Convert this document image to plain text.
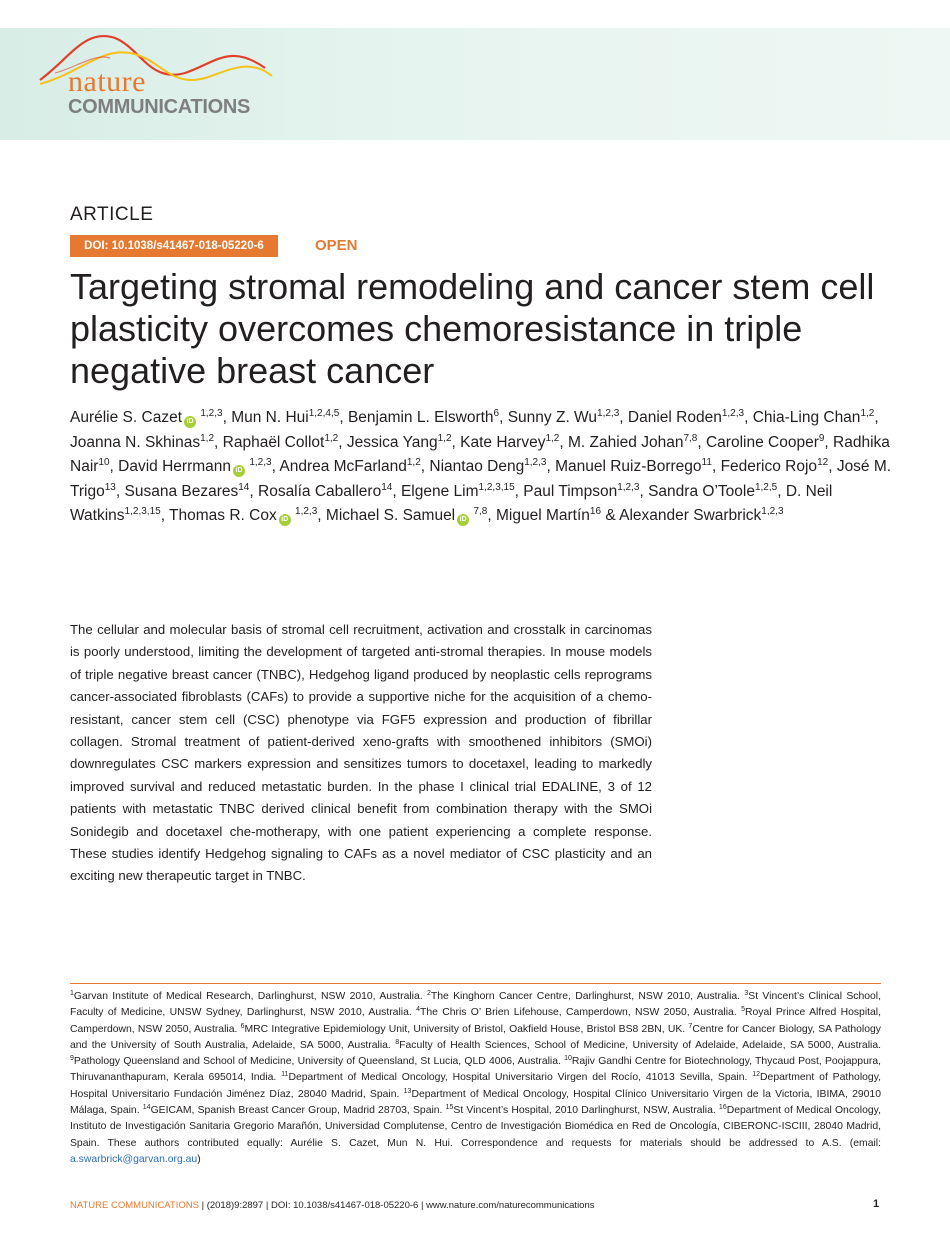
nature
COMMUNICATIONS
ARTICLE
DOI: 10.1038/s41467-018-05220-6	OPEN
Targeting stromal remodeling and cancer stem cell plasticity overcomes chemoresistance in triple negative breast cancer
Aurélie S. Cazet iD $^{1,2,3}$, Mun N. Hui$^{1,2,4,5}$, Benjamin L. Elsworth$^6$, Sunny Z. Wu$^{1,2,3}$, Daniel Roden$^{1,2,3}$, Chia-Ling Chan$^{1,2}$, Joanna N. Skhinas$^{1,2}$, Raphaël Collot$^{1,2}$, Jessica Yang$^{1,2}$, Kate Harvey$^{1,2}$, M. Zahied Johan$^{7,8}$, Caroline Cooper$^9$, Radhika Nair$^{10}$, David Herrmann iD $^{1,2,3}$, Andrea McFarland$^{1,2}$, Niantao Deng$^{1,2,3}$, Manuel Ruiz-Borrego$^{11}$, Federico Rojo$^{12}$, José M. Trigo$^{13}$, Susana Bezares$^{14}$, Rosalía Caballero$^{14}$, Elgene Lim$^{1,2,3,15}$, Paul Timpson$^{1,2,3}$, Sandra O’Toole$^{1,2,5}$, D. Neil Watkins$^{1,2,3,15}$, Thomas R. Cox iD $^{1,2,3}$, Michael S. Samuel iD $^{7,8}$, Miguel Martín$^{16}$ & Alexander Swarbrick$^{1,2,3}$

The cellular and molecular basis of stromal cell recruitment, activation and crosstalk in carcinomas is poorly understood, limiting the development of targeted anti-stromal therapies. In mouse models of triple negative breast cancer (TNBC), Hedgehog ligand produced by neoplastic cells reprograms cancer-associated fibroblasts (CAFs) to provide a supportive niche for the acquisition of a chemo-resistant, cancer stem cell (CSC) phenotype via FGF5 expression and production of fibrillar collagen. Stromal treatment of patient-derived xeno-grafts with smoothened inhibitors (SMOi) downregulates CSC markers expression and sensitizes tumors to docetaxel, leading to markedly improved survival and reduced metastatic burden. In the phase I clinical trial EDALINE, 3 of 12 patients with metastatic TNBC derived clinical benefit from combination therapy with the SMOi Sonidegib and docetaxel che-motherapy, with one patient experiencing a complete response. These studies identify Hedgehog signaling to CAFs as a novel mediator of CSC plasticity and an exciting new therapeutic target in TNBC.

$^1$Garvan Institute of Medical Research, Darlinghurst, NSW 2010, Australia. $^2$The Kinghorn Cancer Centre, Darlinghurst, NSW 2010, Australia. $^3$St Vincent’s Clinical School, Faculty of Medicine, UNSW Sydney, Darlinghurst, NSW 2010, Australia. $^4$The Chris O’ Brien Lifehouse, Camperdown, NSW 2050, Australia. $^5$Royal Prince Alfred Hospital, Camperdown, NSW 2050, Australia. $^6$MRC Integrative Epidemiology Unit, University of Bristol, Oakfield House, Bristol BS8 2BN, UK. $^7$Centre for Cancer Biology, SA Pathology and the University of South Australia, Adelaide, SA 5000, Australia. $^8$Faculty of Health Sciences, School of Medicine, University of Adelaide, Adelaide, SA 5000, Australia. $^9$Pathology Queensland and School of Medicine, University of Queensland, St Lucia, QLD 4006, Australia. $^{10}$Rajiv Gandhi Centre for Biotechnology, Thycaud Post, Poojappura, Thiruvananthapuram, Kerala 695014, India. $^{11}$Department of Medical Oncology, Hospital Universitario Virgen del Rocío, 41013 Sevilla, Spain. $^{12}$Department of Pathology, Hospital Universitario Fundación Jiménez Díaz, 28040 Madrid, Spain. $^{13}$Department of Medical Oncology, Hospital Clínico Universitario Virgen de la Victoria, IBIMA, 29010 Málaga, Spain. $^{14}$GEICAM, Spanish Breast Cancer Group, Madrid 28703, Spain. $^{15}$St Vincent’s Hospital, 2010 Darlinghurst, NSW, Australia. $^{16}$Department of Medical Oncology, Instituto de Investigación Sanitaria Gregorio Marañón, Universidad Complutense, Centro de Investigación Biomédica en Red de Oncología, CIBERONC-ISCIII, 28040 Madrid, Spain. These authors contributed equally: Aurélie S. Cazet, Mun N. Hui. Correspondence and requests for materials should be addressed to A.S. (email: a.swarbrick@garvan.org.au)

NATURE COMMUNICATIONS | (2018)9:2897 | DOI: 10.1038/s41467-018-05220-6 | www.nature.com/naturecommunications	1
